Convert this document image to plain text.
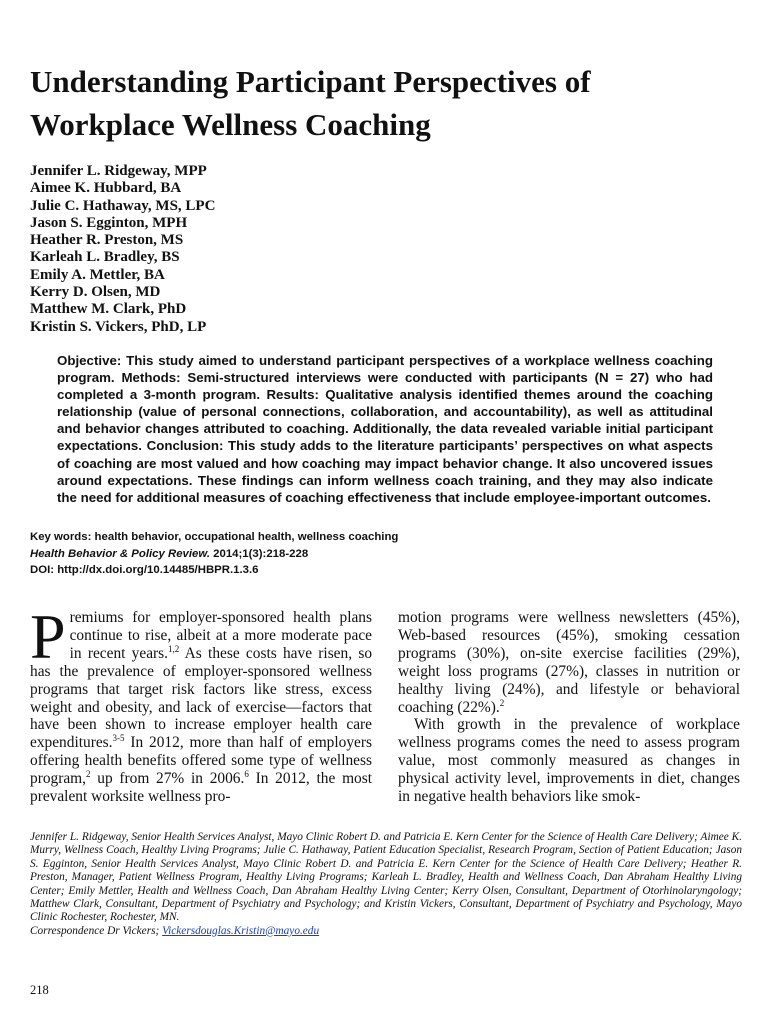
Understanding Participant Perspectives of Workplace Wellness Coaching
Jennifer L. Ridgeway, MPP
Aimee K. Hubbard, BA
Julie C. Hathaway, MS, LPC
Jason S. Egginton, MPH
Heather R. Preston, MS
Karleah L. Bradley, BS
Emily A. Mettler, BA
Kerry D. Olsen, MD
Matthew M. Clark, PhD
Kristin S. Vickers, PhD, LP
Objective: This study aimed to understand participant perspectives of a workplace wellness coaching program. Methods: Semi-structured interviews were conducted with participants (N = 27) who had completed a 3-month program. Results: Qualitative analysis identified themes around the coaching relationship (value of personal connections, collaboration, and accountability), as well as attitudinal and behavior changes attributed to coaching. Additionally, the data revealed variable initial participant expectations. Conclusion: This study adds to the literature participants’ perspectives on what aspects of coaching are most valued and how coaching may impact behavior change. It also uncovered issues around expectations. These findings can inform wellness coach training, and they may also indicate the need for additional measures of coaching effectiveness that include employee-important outcomes.
Key words: health behavior, occupational health, wellness coaching
Health Behavior & Policy Review. 2014;1(3):218-228
DOI: http://dx.doi.org/10.14485/HBPR.1.3.6

Premiums for employer-sponsored health plans continue to rise, albeit at a more moderate pace in recent years.$^{1,2}$ As these costs have risen, so has the prevalence of employer-sponsored wellness programs that target risk factors like stress, excess weight and obesity, and lack of exercise—factors that have been shown to increase employer health care expenditures.$^{3-5}$ In 2012, more than half of employers offering health benefits offered some type of wellness program,$^2$ up from 27% in 2006.$^6$ In 2012, the most prevalent worksite wellness pro-

motion programs were wellness newsletters (45%), Web-based resources (45%), smoking cessation programs (30%), on-site exercise facilities (29%), weight loss programs (27%), classes in nutrition or healthy living (24%), and lifestyle or behavioral coaching (22%).$^2$

With growth in the prevalence of workplace wellness programs comes the need to assess program value, most commonly measured as changes in physical activity level, improvements in diet, changes in negative health behaviors like smok-

Jennifer L. Ridgeway, Senior Health Services Analyst, Mayo Clinic Robert D. and Patricia E. Kern Center for the Science of Health Care Delivery; Aimee K. Murry, Wellness Coach, Healthy Living Programs; Julie C. Hathaway, Patient Education Specialist, Research Program, Section of Patient Education; Jason S. Egginton, Senior Health Services Analyst, Mayo Clinic Robert D. and Patricia E. Kern Center for the Science of Health Care Delivery; Heather R. Preston, Manager, Patient Wellness Program, Healthy Living Programs; Karleah L. Bradley, Health and Wellness Coach, Dan Abraham Healthy Living Center; Emily Mettler, Health and Wellness Coach, Dan Abraham Healthy Living Center; Kerry Olsen, Consultant, Department of Otorhinolaryngology; Matthew Clark, Consultant, Department of Psychiatry and Psychology; and Kristin Vickers, Consultant, Department of Psychiatry and Psychology, Mayo Clinic Rochester, Rochester, MN.
Correspondence Dr Vickers; Vickersdouglas.Kristin@mayo.edu
218
